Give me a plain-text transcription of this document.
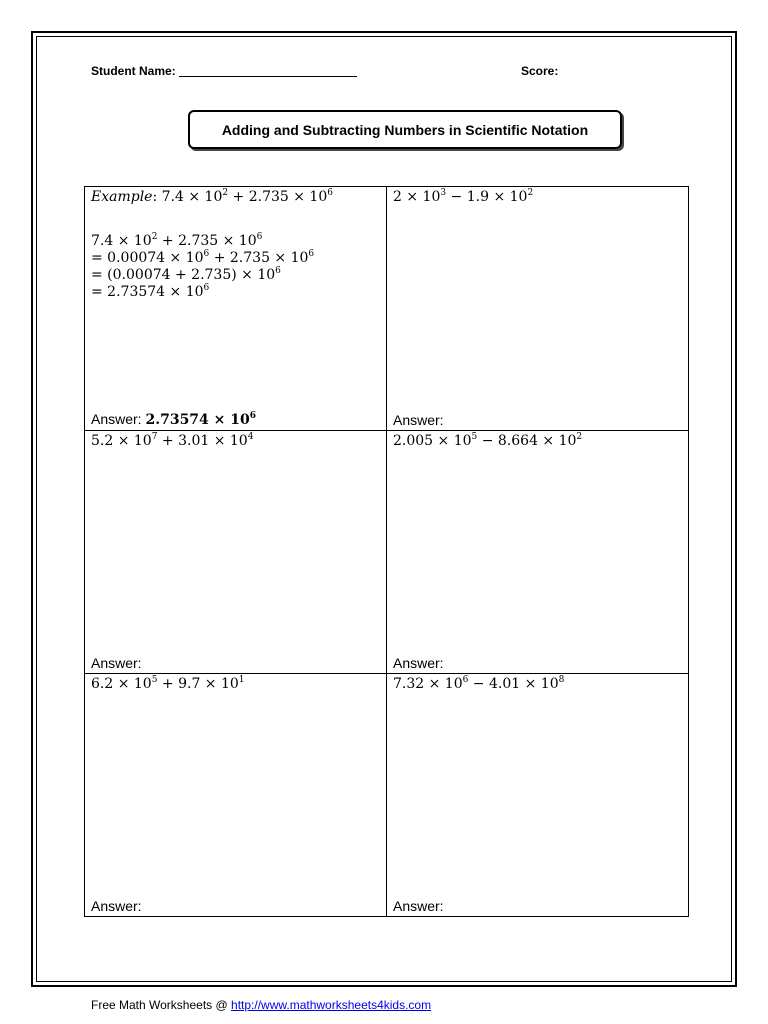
Student Name:	Score:
Adding and Subtracting Numbers in Scientific Notation
Example: $7.4 \times 10^2 + 2.735 \times 10^6$
$7.4 \times 10^2 + 2.735 \times 10^6$
= $0.00074 \times 10^6 + 2.735 \times 10^6$
= $(0.00074 + 2.735) \times 10^6$
= $2.73574 \times 10^6$
Answer: $2.73574 \times 10^6$
$2 \times 10^3 - 1.9 \times 10^2$
Answer:
$5.2 \times 10^7 + 3.01 \times 10^4$
Answer:
$2.005 \times 10^5 - 8.664 \times 10^2$
Answer:
$6.2 \times 10^5 + 9.7 \times 10^1$
Answer:
$7.32 \times 10^6 - 4.01 \times 10^8$
Answer:
Free Math Worksheets @ http://www.mathworksheets4kids.com
